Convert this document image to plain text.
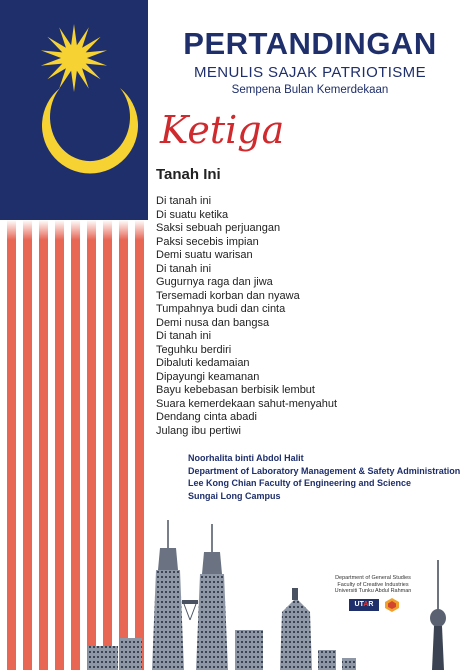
PERTANDINGAN
MENULIS SAJAK PATRIOTISME
Sempena Bulan Kemerdekaan
Ketiga
Tanah Ini
Di tanah ini
Di suatu ketika
Saksi sebuah perjuangan
Paksi secebis impian
Demi suatu warisan
Di tanah ini
Gugurnya raga dan jiwa
Tersemadi korban dan nyawa
Tumpahnya budi dan cinta
Demi nusa dan bangsa
Di tanah ini
Teguhku berdiri
Dibaluti kedamaian
Dipayungi keamanan
Bayu kebebasan berbisik lembut
Suara kemerdekaan sahut-menyahut
Dendang cinta abadi
Julang ibu pertiwi
Noorhalita binti Abdol Halit
Department of Laboratory Management & Safety Administration
Lee Kong Chian Faculty of Engineering and Science
Sungai Long Campus
Department of General Studies
Faculty of Creative Industries
Universiti Tunku Abdul Rahman
UTAR
